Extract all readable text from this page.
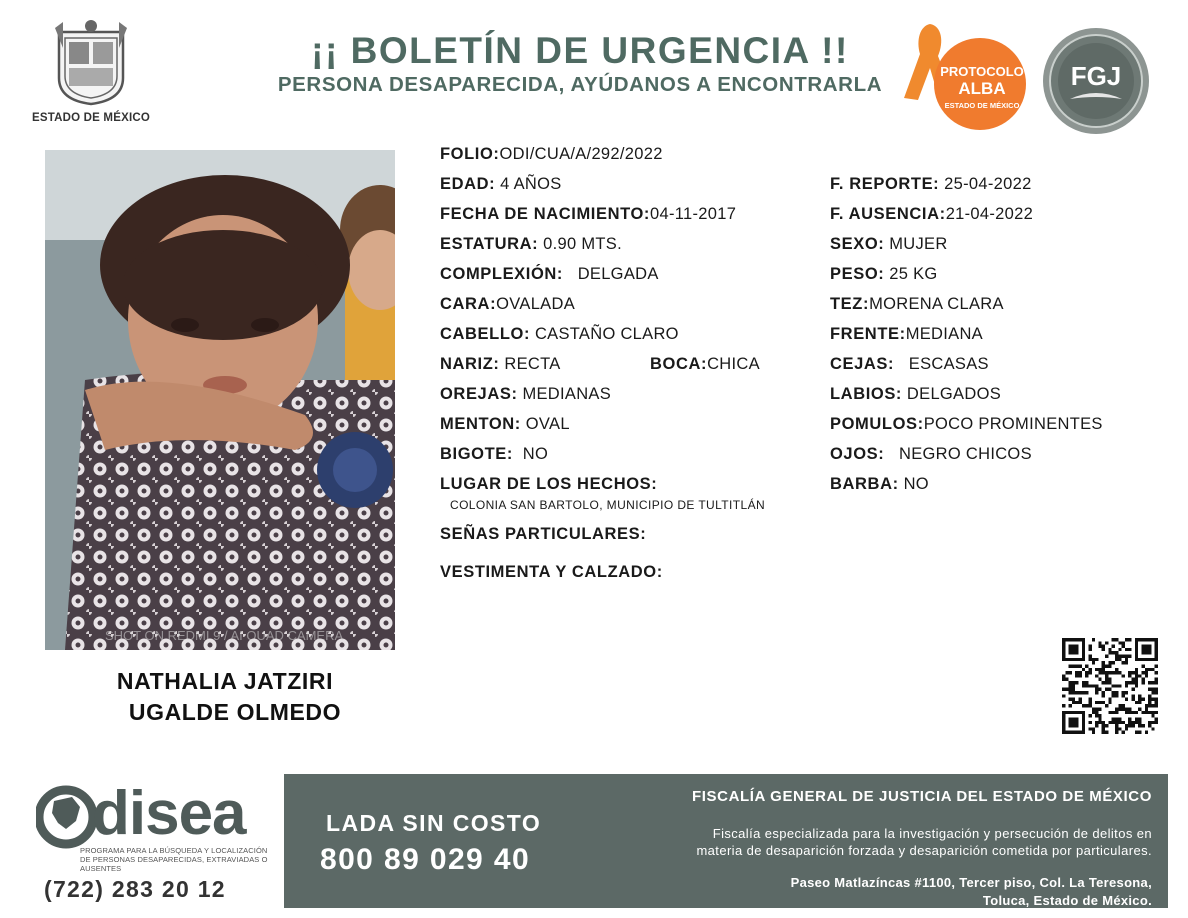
ESTADO DE MÉXICO
¡¡ BOLETÍN DE URGENCIA !!
PERSONA DESAPARECIDA, AYÚDANOS A ENCONTRARLA
PROTOCOLO
ALBA
ESTADO DE MÉXICO
FGJ
SHOT ON REDMI 9 / AI QUAD CAMERA
NATHALIA JATZIRI
UGALDE OLMEDO
FOLIO:ODI/CUA/A/292/2022
EDAD: 4 AÑOS
FECHA DE NACIMIENTO:04-11-2017
ESTATURA: 0.90 MTS.
COMPLEXIÓN: DELGADA
CARA:OVALADA
CABELLO: CASTAÑO CLARO
NARIZ: RECTA	BOCA:CHICA
OREJAS: MEDIANAS
MENTON: OVAL
BIGOTE: NO
LUGAR DE LOS HECHOS:
COLONIA SAN BARTOLO, MUNICIPIO DE TULTITLÁN
SEÑAS PARTICULARES:
VESTIMENTA Y CALZADO:
F. REPORTE: 25-04-2022
F. AUSENCIA:21-04-2022
SEXO: MUJER
PESO: 25 KG
TEZ:MORENA CLARA
FRENTE:MEDIANA
CEJAS: ESCASAS
LABIOS: DELGADOS
POMULOS:POCO PROMINENTES
OJOS: NEGRO CHICOS
BARBA: NO
disea
PROGRAMA PARA LA BÚSQUEDA Y LOCALIZACIÓN DE PERSONAS DESAPARECIDAS, EXTRAVIADAS O AUSENTES
(722) 283 20 12
LADA SIN COSTO
800 89 029 40
FISCALÍA GENERAL DE JUSTICIA DEL ESTADO DE MÉXICO
Fiscalía especializada para la investigación y persecución de delitos en
materia de desaparición forzada y desaparición cometida por particulares.
Paseo Matlazíncas #1100, Tercer piso, Col. La Teresona,
Toluca, Estado de México.
